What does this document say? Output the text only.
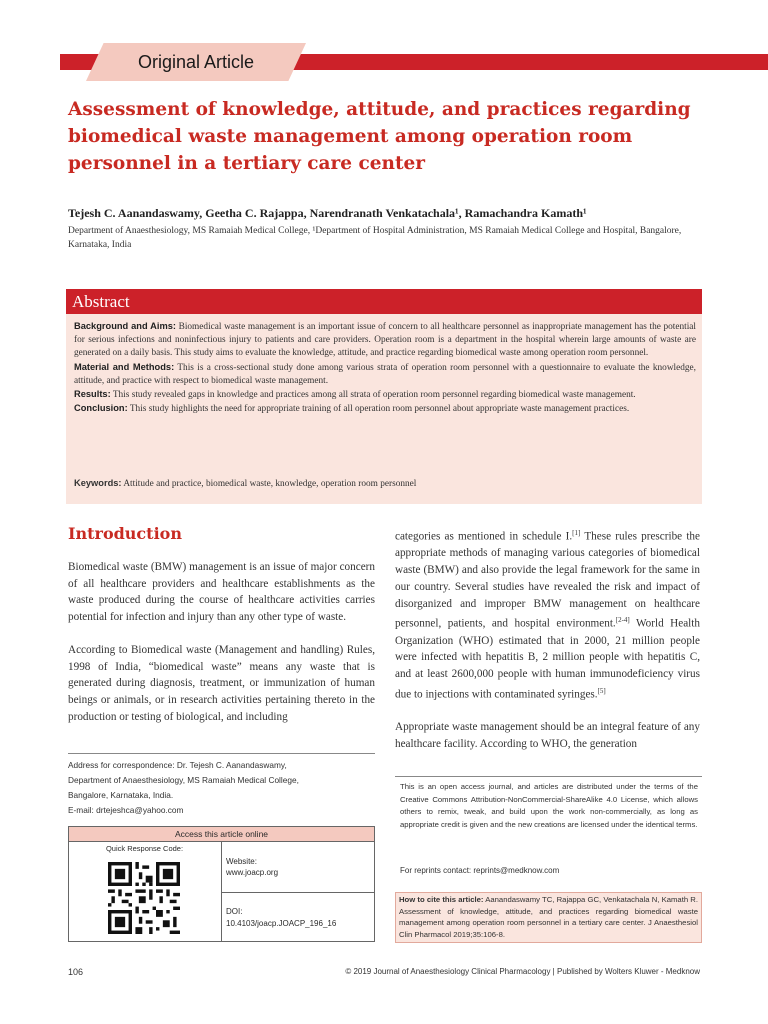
Original Article
Assessment of knowledge, attitude, and practices regarding biomedical waste management among operation room personnel in a tertiary care center
Tejesh C. Aanandaswamy, Geetha C. Rajappa, Narendranath Venkatachala¹, Ramachandra Kamath¹
Department of Anaesthesiology, MS Ramaiah Medical College, ¹Department of Hospital Administration, MS Ramaiah Medical College and Hospital, Bangalore, Karnataka, India
Abstract

Background and Aims: Biomedical waste management is an important issue of concern to all healthcare personnel as inappropriate management has the potential for serious infections and noninfectious injury to patients and care providers. Operation room is a department in the hospital wherein large amounts of waste are generated on a daily basis. This study aims to evaluate the knowledge, attitude, and practice regarding biomedical waste among operation room personnel.

Material and Methods: This is a cross-sectional study done among various strata of operation room personnel with a questionnaire to evaluate the knowledge, attitude, and practice with respect to biomedical waste management.

Results: This study revealed gaps in knowledge and practices among all strata of operation room personnel regarding biomedical waste management.

Conclusion: This study highlights the need for appropriate training of all operation room personnel about appropriate waste management practices.

Keywords: Attitude and practice, biomedical waste, knowledge, operation room personnel
Introduction

Biomedical waste (BMW) management is an issue of major concern of all healthcare providers and healthcare establishments as the waste produced during the course of healthcare activities carries potential for infection and injury than any other type of waste.

According to Biomedical waste (Management and handling) Rules, 1998 of India, “biomedical waste” means any waste that is generated during diagnosis, treatment, or immunization of human beings or animals, or in research activities pertaining thereto in the production or testing of biological, and including

categories as mentioned in schedule I.[1] These rules prescribe the appropriate methods of managing various categories of biomedical waste (BMW) and also provide the legal framework for the same in our country. Several studies have revealed the risk and impact of disorganized and improper BMW management on healthcare personnel, patients, and hospital environment.[2-4] World Health Organization (WHO) estimated that in 2000, 21 million people were infected with hepatitis B, 2 million people with hepatitis C, and at least 2600,000 people with human immunodeficiency virus due to injections with contaminated syringes.[5]

Appropriate waste management should be an integral feature of any healthcare facility. According to WHO, the generation

Address for correspondence: Dr. Tejesh C. Aanandaswamy,
Department of Anaesthesiology, MS Ramaiah Medical College,
Bangalore, Karnataka, India.
E-mail: drtejeshca@yahoo.com
Access this article online
Quick Response Code:
Website:
www.joacp.org
DOI:
10.4103/joacp.JOACP_196_16
This is an open access journal, and articles are distributed under the terms of the Creative Commons Attribution-NonCommercial-ShareAlike 4.0 License, which allows others to remix, tweak, and build upon the work non-commercially, as long as appropriate credit is given and the new creations are licensed under the identical terms.
For reprints contact: reprints@medknow.com
How to cite this article: Aanandaswamy TC, Rajappa GC, Venkatachala N, Kamath R. Assessment of knowledge, attitude, and practices regarding biomedical waste management among operation room personnel in a tertiary care center. J Anaesthesiol Clin Pharmacol 2019;35:106-8.
106	© 2019 Journal of Anaesthesiology Clinical Pharmacology | Published by Wolters Kluwer - Medknow
